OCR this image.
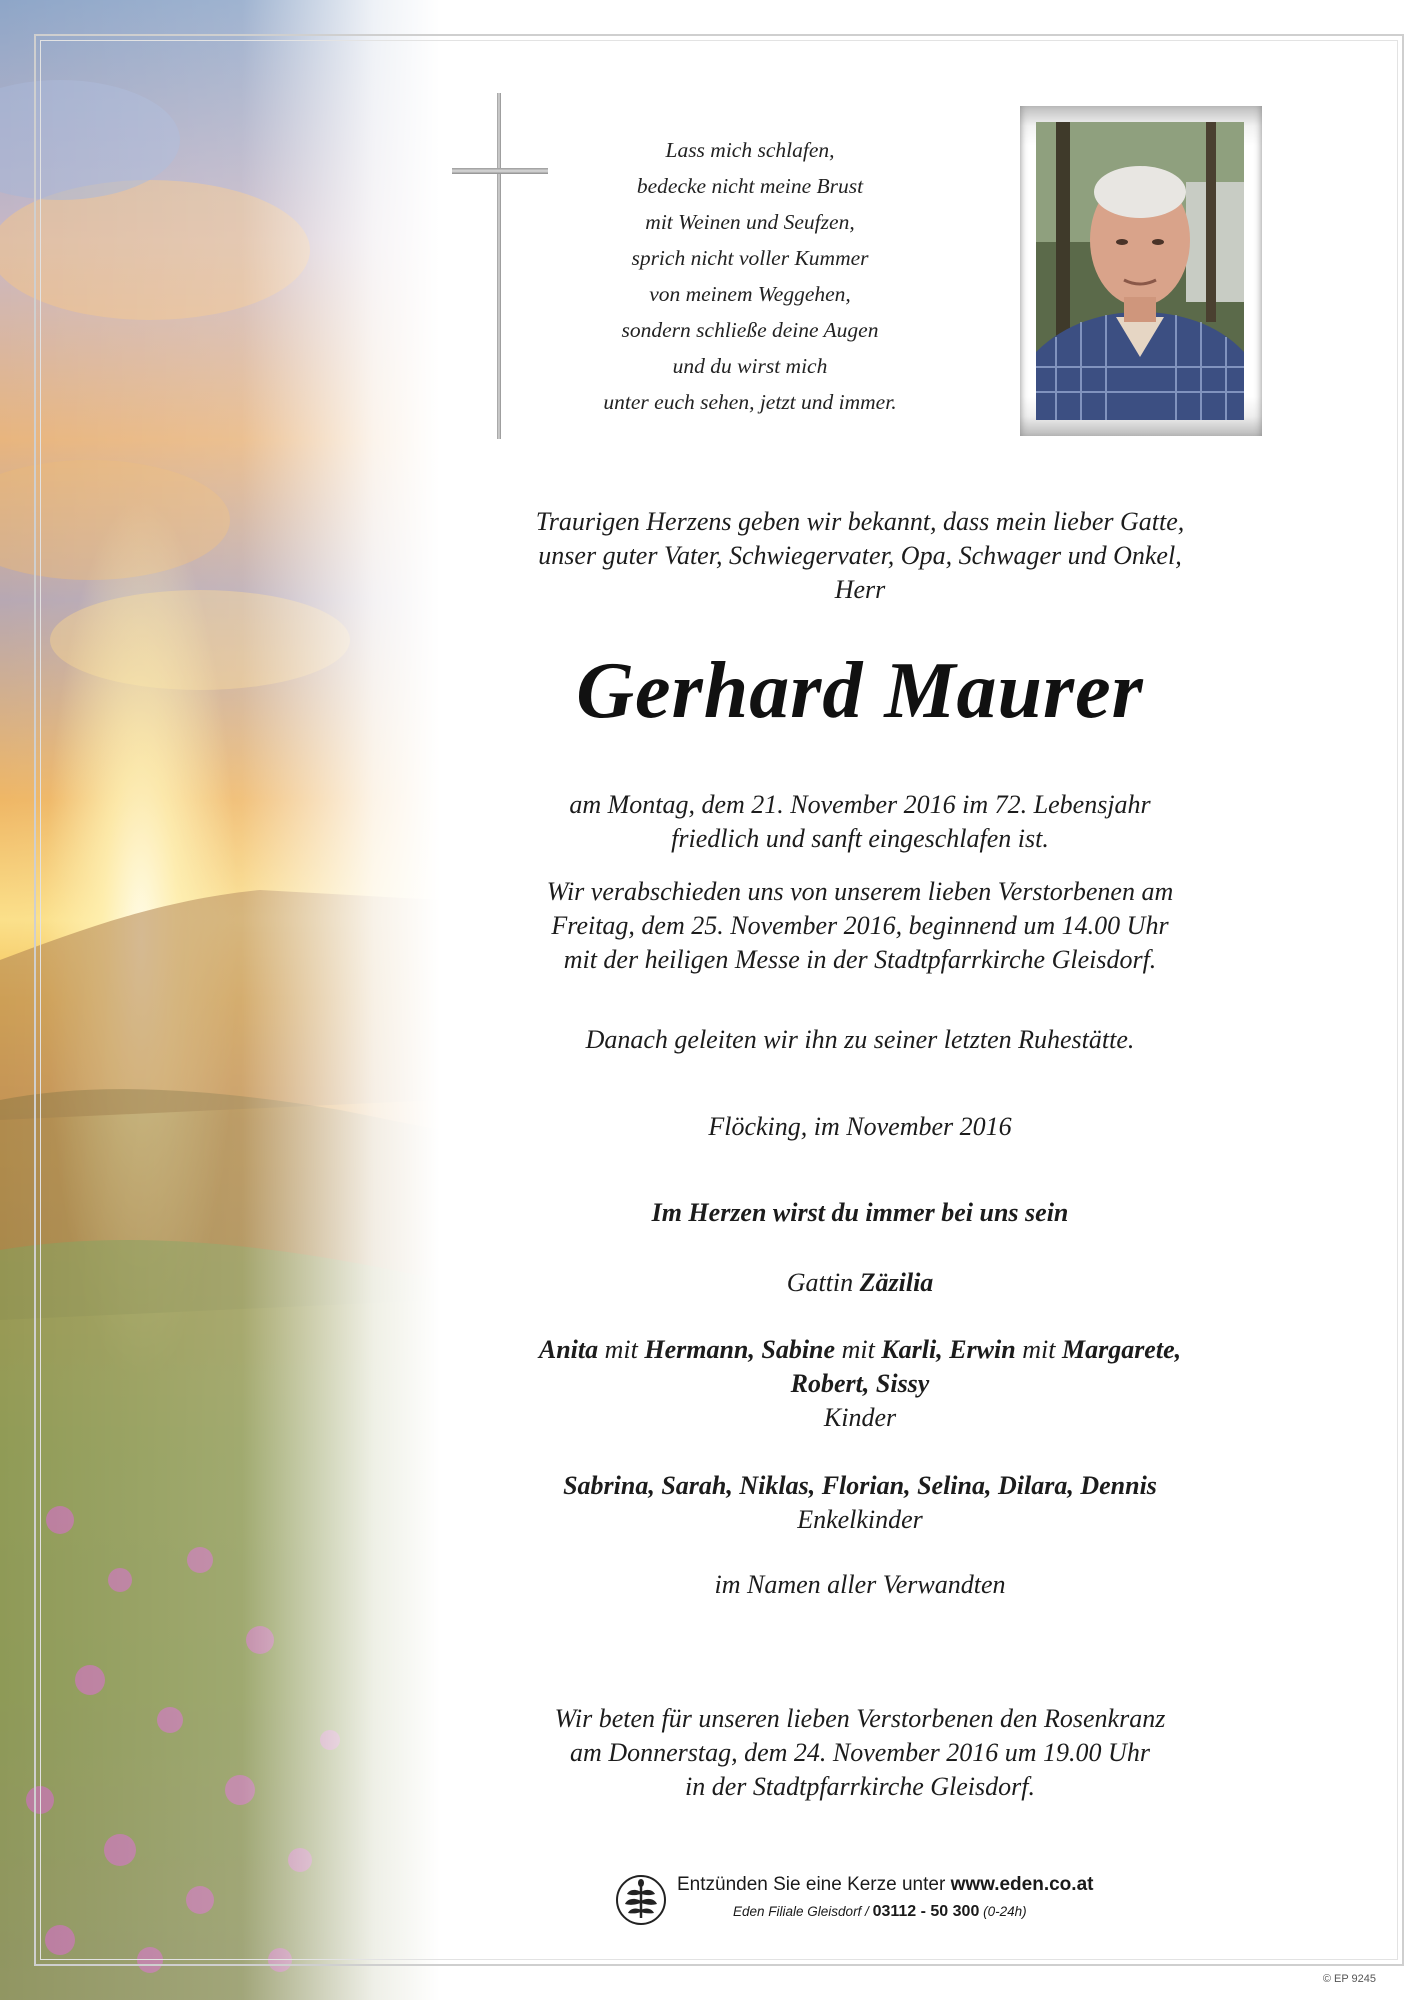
Lass mich schlafen,
bedecke nicht meine Brust
mit Weinen und Seufzen,
sprich nicht voller Kummer
von meinem Weggehen,
sondern schließe deine Augen
und du wirst mich
unter euch sehen, jetzt und immer.
Traurigen Herzens geben wir bekannt, dass mein lieber Gatte,
unser guter Vater, Schwiegervater, Opa, Schwager und Onkel,
Herr
Gerhard Maurer
am Montag, dem 21. November 2016 im 72. Lebensjahr
friedlich und sanft eingeschlafen ist.
Wir verabschieden uns von unserem lieben Verstorbenen am
Freitag, dem 25. November 2016, beginnend um 14.00 Uhr
mit der heiligen Messe in der Stadtpfarrkirche Gleisdorf.
Danach geleiten wir ihn zu seiner letzten Ruhestätte.
Flöcking, im November 2016
Im Herzen wirst du immer bei uns sein
Gattin Zäzilia
Anita mit Hermann, Sabine mit Karli, Erwin mit Margarete,
Robert, Sissy
Kinder
Sabrina, Sarah, Niklas, Florian, Selina, Dilara, Dennis
Enkelkinder
im Namen aller Verwandten
Wir beten für unseren lieben Verstorbenen den Rosenkranz
am Donnerstag, dem 24. November 2016 um 19.00 Uhr
in der Stadtpfarrkirche Gleisdorf.
Entzünden Sie eine Kerze unter www.eden.co.at
Eden Filiale Gleisdorf / 03112 - 50 300 (0-24h)
© EP 9245
